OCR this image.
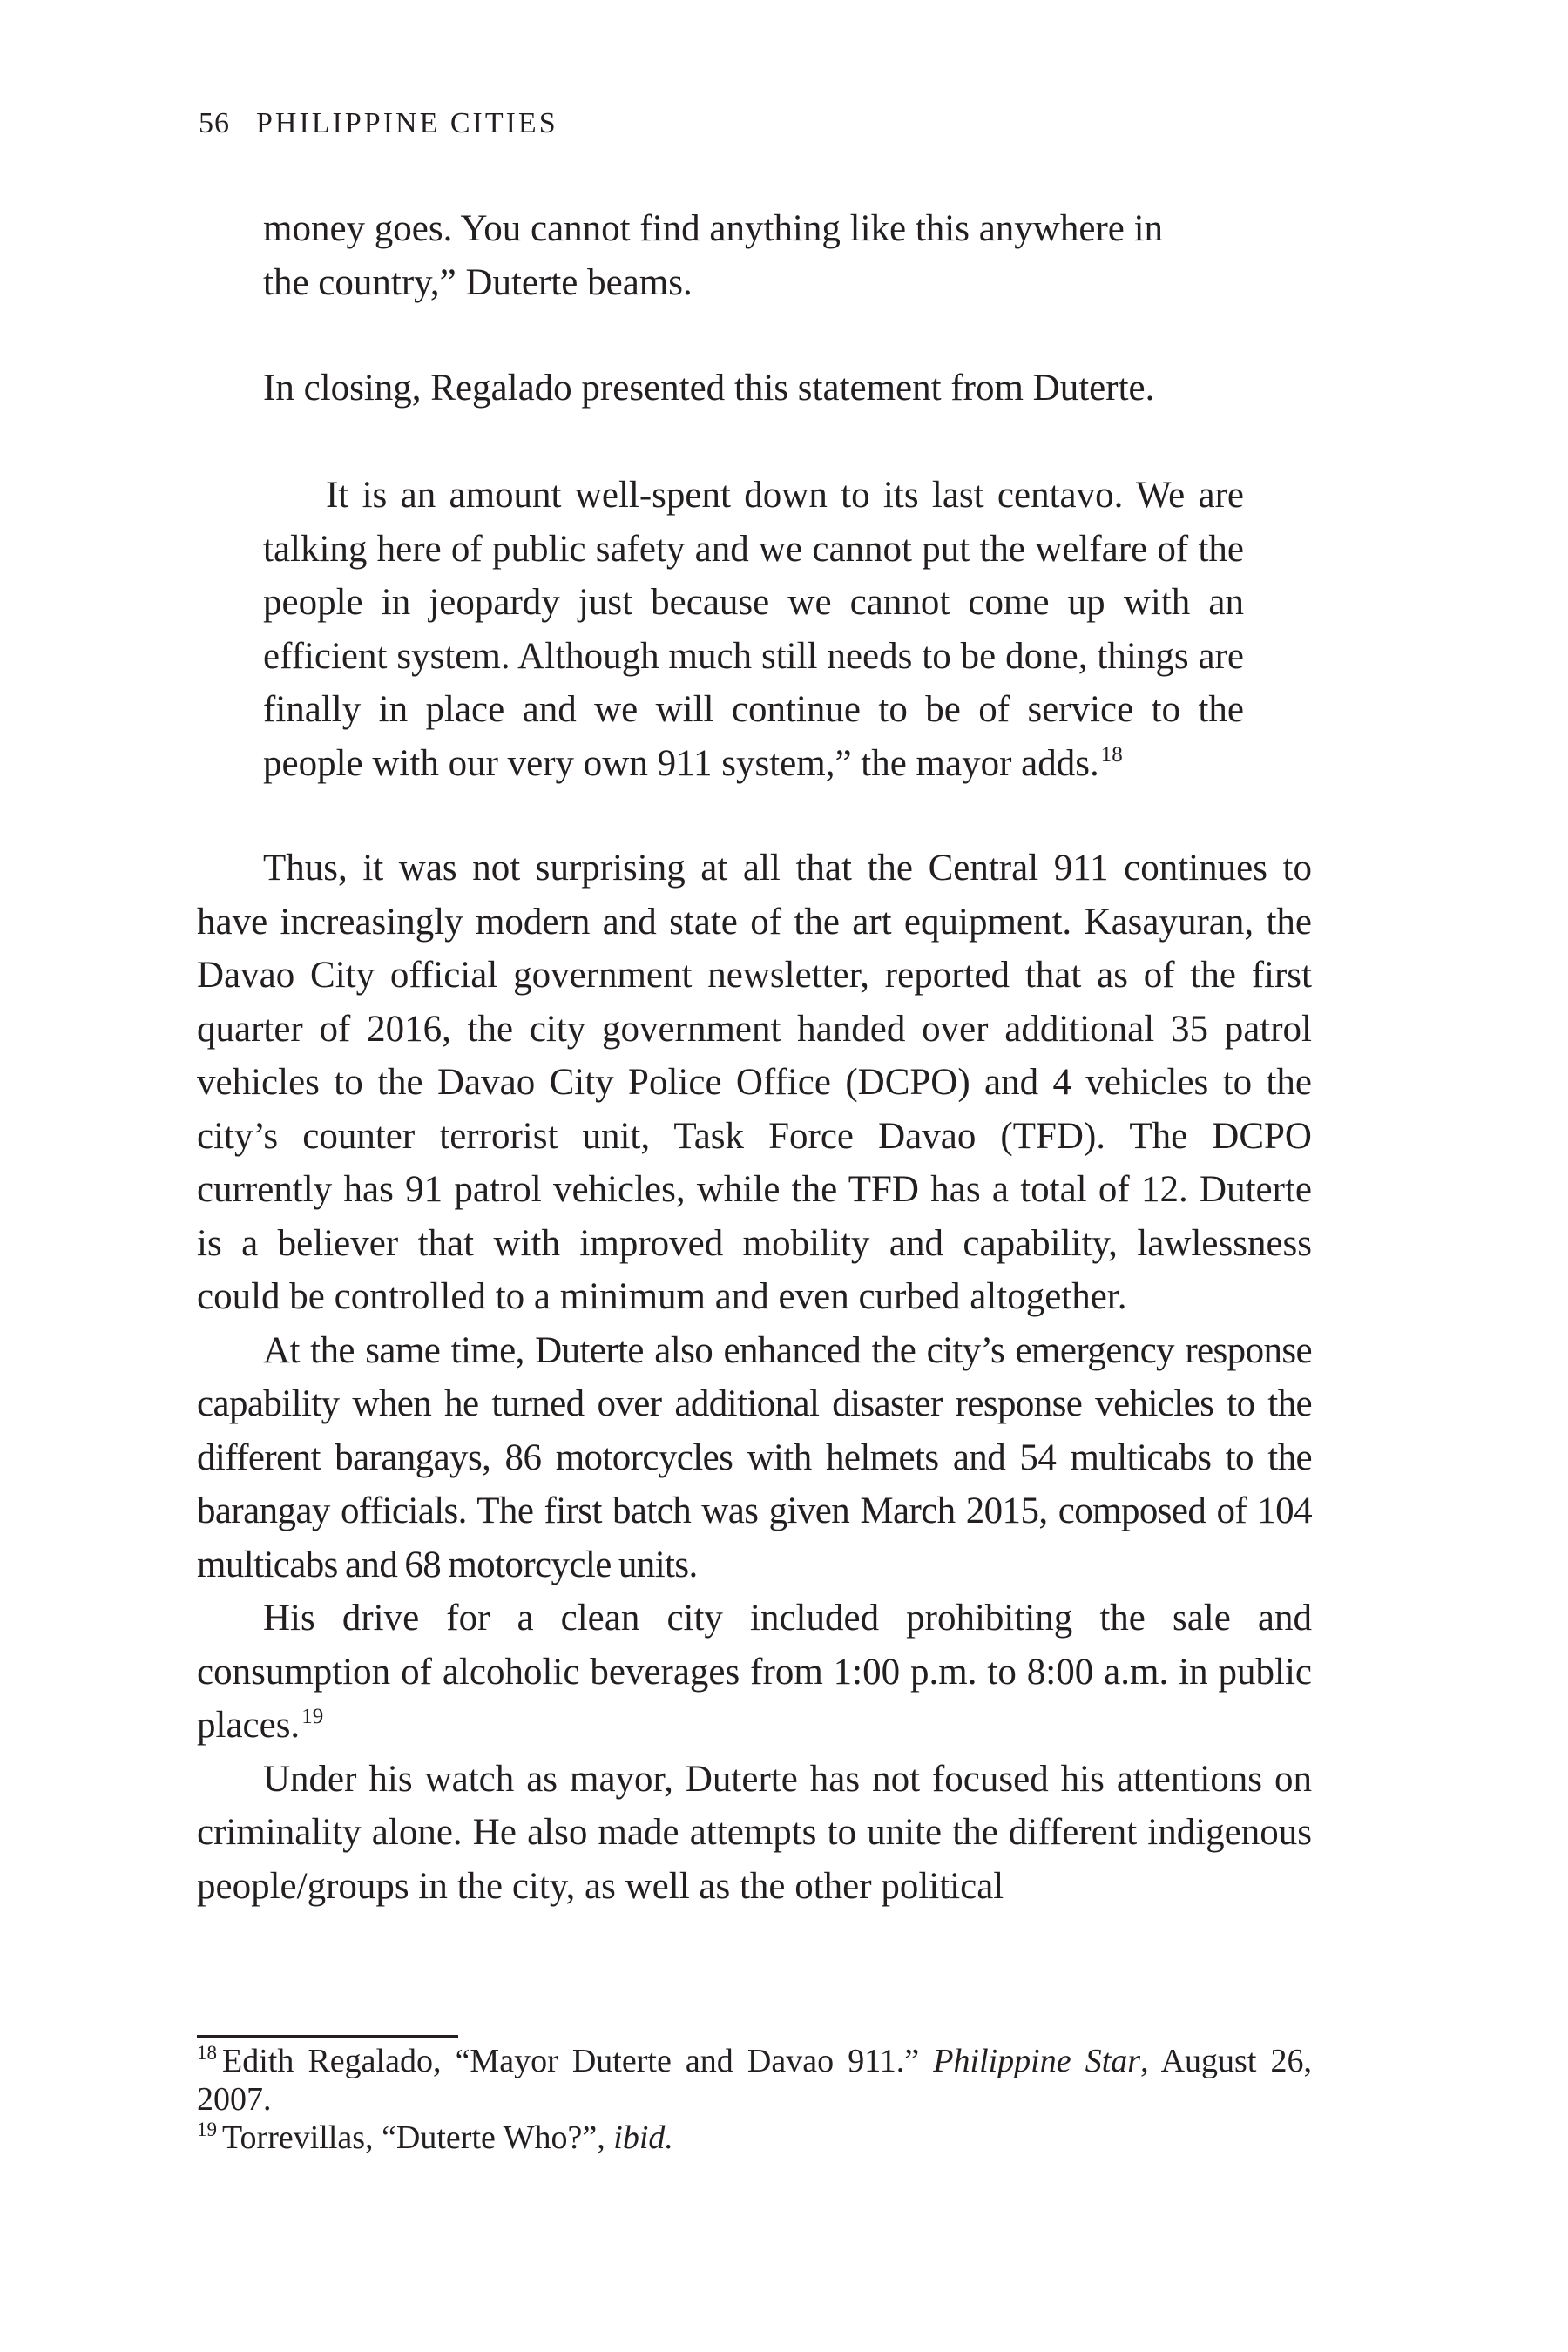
56 PHILIPPINE CITIES

money goes. You cannot find anything like this anywhere in

the country,” Duterte beams.

In closing, Regalado presented this statement from Duterte.

It is an amount well-spent down to its last centavo. We are talking here of public safety and we cannot put the welfare of the people in jeopardy just because we cannot come up with an efficient system. Although much still needs to be done, things are finally in place and we will continue to be of service to the people with our very own 911 system,” the mayor adds.$^{18}$

Thus, it was not surprising at all that the Central 911 continues to have increasingly modern and state of the art equipment. Kasayuran, the Davao City official government newsletter, reported that as of the first quarter of 2016, the city government handed over additional 35 patrol vehicles to the Davao City Police Office (DCPO) and 4 vehicles to the city’s counter terrorist unit, Task Force Davao (TFD). The DCPO currently has 91 patrol vehicles, while the TFD has a total of 12. Duterte is a believer that with improved mobility and capability, lawlessness could be controlled to a minimum and even curbed altogether.

At the same time, Duterte also enhanced the city’s emergency response capability when he turned over additional disaster response vehicles to the different barangays, 86 motorcycles with helmets and 54 multicabs to the barangay officials. The first batch was given March 2015, composed of 104 multicabs and 68 motorcycle units.

His drive for a clean city included prohibiting the sale and consumption of alcoholic beverages from 1:00 p.m. to 8:00 a.m. in public places.$^{19}$

Under his watch as mayor, Duterte has not focused his attentions on criminality alone. He also made attempts to unite the different indigenous people/groups in the city, as well as the other political

$^{18}$ Edith Regalado, “Mayor Duterte and Davao 911.” Philippine Star, August 26, 2007.

$^{19}$ Torrevillas, “Duterte Who?”, ibid.
